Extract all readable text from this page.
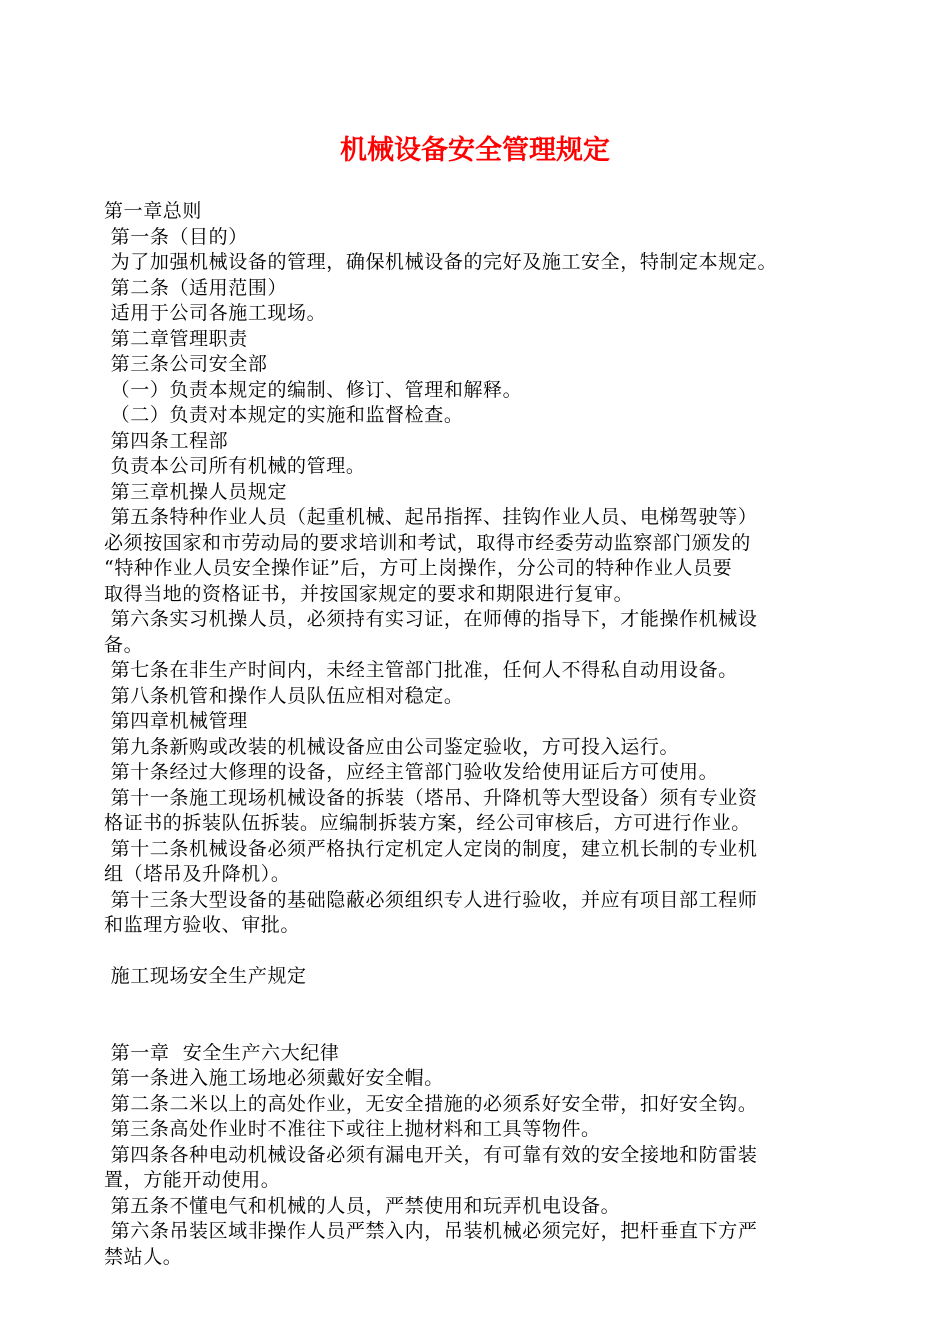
机械设备安全管理规定

第一章总则

第一条（目的）

为了加强机械设备的管理，确保机械设备的完好及施工安全，特制定本规定。

第二条（适用范围）

适用于公司各施工现场。

第二章管理职责

第三条公司安全部

（一）负责本规定的编制、修订、管理和解释。

（二）负责对本规定的实施和监督检查。

第四条工程部

负责本公司所有机械的管理。

第三章机操人员规定

第五条特种作业人员（起重机械、起吊指挥、挂钩作业人员、电梯驾驶等）

必须按国家和市劳动局的要求培训和考试，取得市经委劳动监察部门颁发的

“特种作业人员安全操作证”后，方可上岗操作，分公司的特种作业人员要

取得当地的资格证书，并按国家规定的要求和期限进行复审。

第六条实习机操人员，必须持有实习证，在师傅的指导下，才能操作机械设

备。

第七条在非生产时间内，未经主管部门批准，任何人不得私自动用设备。

第八条机管和操作人员队伍应相对稳定。

第四章机械管理

第九条新购或改装的机械设备应由公司鉴定验收，方可投入运行。

第十条经过大修理的设备，应经主管部门验收发给使用证后方可使用。

第十一条施工现场机械设备的拆装（塔吊、升降机等大型设备）须有专业资

格证书的拆装队伍拆装。应编制拆装方案，经公司审核后，方可进行作业。

第十二条机械设备必须严格执行定机定人定岗的制度，建立机长制的专业机

组（塔吊及升降机）。

第十三条大型设备的基础隐蔽必须组织专人进行验收，并应有项目部工程师

和监理方验收、审批。

施工现场安全生产规定

第一章  安全生产六大纪律

第一条进入施工场地必须戴好安全帽。

第二条二米以上的高处作业，无安全措施的必须系好安全带，扣好安全钩。

第三条高处作业时不准往下或往上抛材料和工具等物件。

第四条各种电动机械设备必须有漏电开关，有可靠有效的安全接地和防雷装

置，方能开动使用。

第五条不懂电气和机械的人员，严禁使用和玩弄机电设备。

第六条吊装区域非操作人员严禁入内，吊装机械必须完好，把杆垂直下方严

禁站人。
